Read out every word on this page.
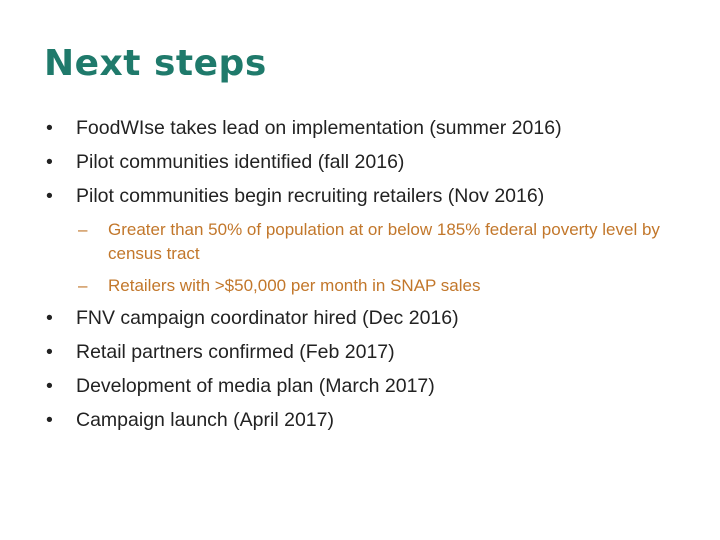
Next steps
• FoodWIse takes lead on implementation (summer 2016)
• Pilot communities identified (fall 2016)
• Pilot communities begin recruiting retailers (Nov 2016)
– Greater than 50% of population at or below 185% federal poverty level by census tract
– Retailers with >$50,000 per month in SNAP sales
• FNV campaign coordinator hired (Dec 2016)
• Retail partners confirmed (Feb 2017)
• Development of media plan (March 2017)
• Campaign launch (April 2017)
